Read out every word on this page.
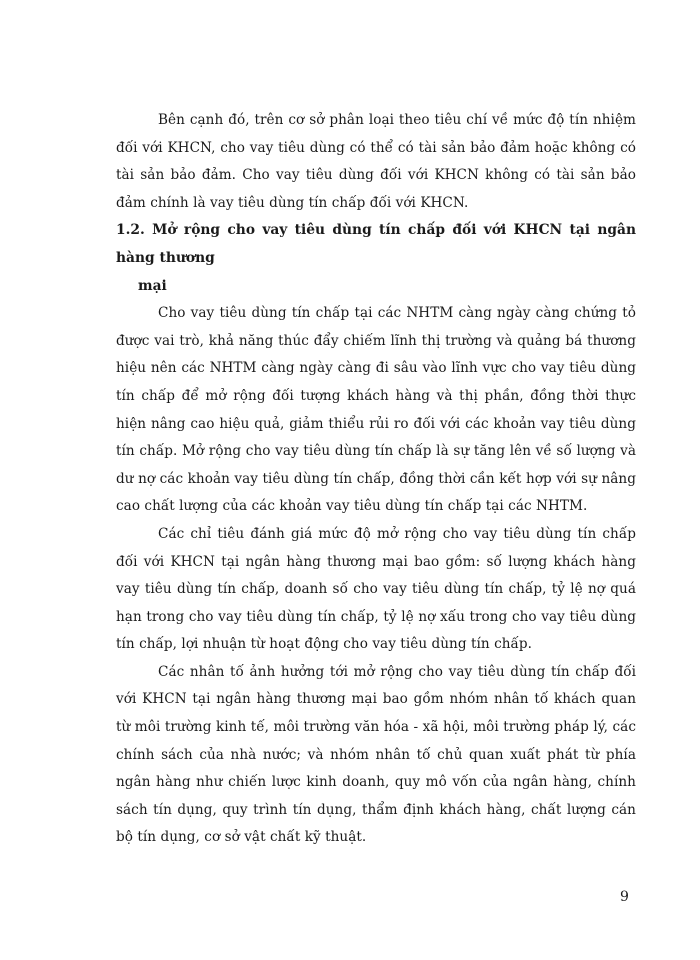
Bên cạnh đó, trên cơ sở phân loại theo tiêu chí về mức độ tín nhiệm đối với KHCN, cho vay tiêu dùng có thể có tài sản bảo đảm hoặc không có tài sản bảo đảm. Cho vay tiêu dùng đối với KHCN không có tài sản bảo đảm chính là vay tiêu dùng tín chấp đối với KHCN.

1.2. Mở rộng cho vay tiêu dùng tín chấp đối với KHCN tại ngân hàng thương
mại

Cho vay tiêu dùng tín chấp tại các NHTM càng ngày càng chứng tỏ được vai trò, khả năng thúc đẩy chiếm lĩnh thị trường và quảng bá thương hiệu nên các NHTM càng ngày càng đi sâu vào lĩnh vực cho vay tiêu dùng tín chấp để mở rộng đối tượng khách hàng và thị phần, đồng thời thực hiện nâng cao hiệu quả, giảm thiểu rủi ro đối với các khoản vay tiêu dùng tín chấp. Mở rộng cho vay tiêu dùng tín chấp là sự tăng lên về số lượng và dư nợ các khoản vay tiêu dùng tín chấp, đồng thời cần kết hợp với sự nâng cao chất lượng của các khoản vay tiêu dùng tín chấp tại các NHTM.

Các chỉ tiêu đánh giá mức độ mở rộng cho vay tiêu dùng tín chấp đối với KHCN tại ngân hàng thương mại bao gồm: số lượng khách hàng vay tiêu dùng tín chấp, doanh số cho vay tiêu dùng tín chấp, tỷ lệ nợ quá hạn trong cho vay tiêu dùng tín chấp, tỷ lệ nợ xấu trong cho vay tiêu dùng tín chấp, lợi nhuận từ hoạt động cho vay tiêu dùng tín chấp.

Các nhân tố ảnh hưởng tới mở rộng cho vay tiêu dùng tín chấp đối với KHCN tại ngân hàng thương mại bao gồm nhóm nhân tố khách quan từ môi trường kinh tế, môi trường văn hóa - xã hội, môi trường pháp lý, các chính sách của nhà nước; và nhóm nhân tố chủ quan xuất phát từ phía ngân hàng như chiến lược kinh doanh, quy mô vốn của ngân hàng, chính sách tín dụng, quy trình tín dụng, thẩm định khách hàng, chất lượng cán bộ tín dụng, cơ sở vật chất kỹ thuật.

9
